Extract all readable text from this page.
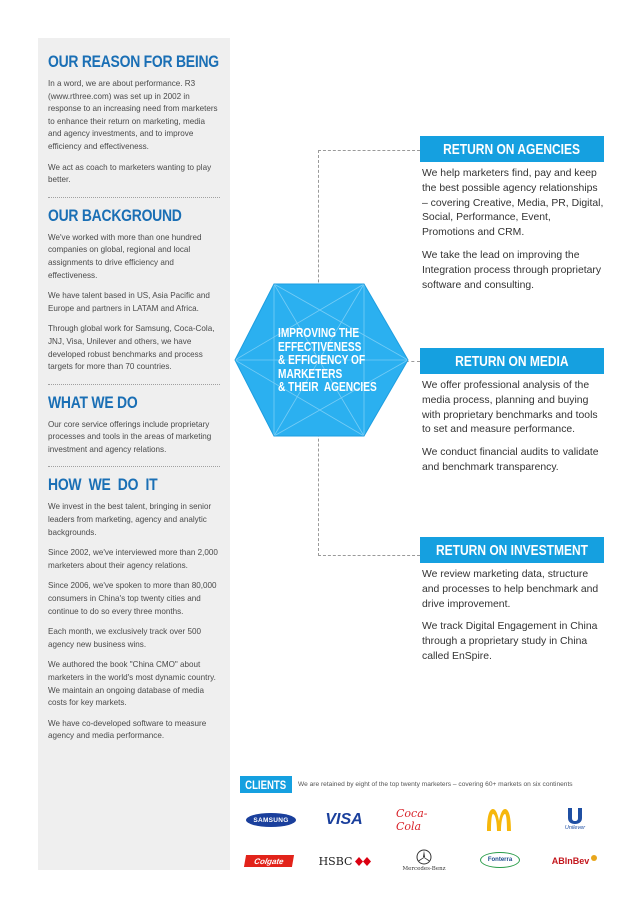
OUR REASON FOR BEING

In a word, we are about performance. R3 (www.rthree.com) was set up in 2002 in response to an increasing need from marketers to enhance their return on marketing, media and agency investments, and to improve efficiency and effectiveness.

We act as coach to marketers wanting to play better.

OUR BACKGROUND

We've worked with more than one hundred companies on global, regional and local assignments to drive efficiency and effectiveness.

We have talent based in US, Asia Pacific and Europe and partners in LATAM and Africa.

Through global work for Samsung, Coca-Cola, JNJ, Visa, Unilever and others, we have developed robust benchmarks and process targets for more than 70 countries.

WHAT WE DO

Our core service offerings include proprietary processes and tools in the areas of marketing investment and agency relations.

HOW  WE  DO  IT

We invest in the best talent, bringing in senior leaders from marketing, agency and analytic backgrounds.

Since 2002, we've interviewed more than 2,000 marketers about their agency relations.

Since 2006, we've spoken to more than 80,000 consumers in China's top twenty cities and continue to do so every three months.

Each month, we exclusively track over 500 agency new business wins.

We authored the book "China CMO" about marketers in the world's most dynamic country. We maintain an ongoing database of media costs for key markets.

We have co-developed software to measure agency and media performance.

IMPROVING THE
EFFECTIVENESS
& EFFICIENCY OF
MARKETERS
& THEIR  AGENCIES
RETURN ON AGENCIES

We help marketers find, pay and keep the best possible agency relationships – covering Creative, Media, PR, Digital, Social, Performance, Event, Promotions and CRM.

We take the lead on improving the Integration process through proprietary software and consulting.

RETURN ON MEDIA

We offer professional analysis of the media process, planning and buying with proprietary benchmarks and tools to set and measure performance.

We conduct financial audits to validate and benchmark transparency.

RETURN ON INVESTMENT

We review marketing data, structure and processes to help benchmark and drive improvement.

We track Digital Engagement in China through a proprietary study in China called EnSpire.

CLIENTS We are retained by eight of the top twenty marketers – covering 60+ markets on six continents
SAMSUNG VISA	Coca-Cola	Unilever
Colgate	HSBC
Mercedes-Benz
Fonterra	ABInBev
